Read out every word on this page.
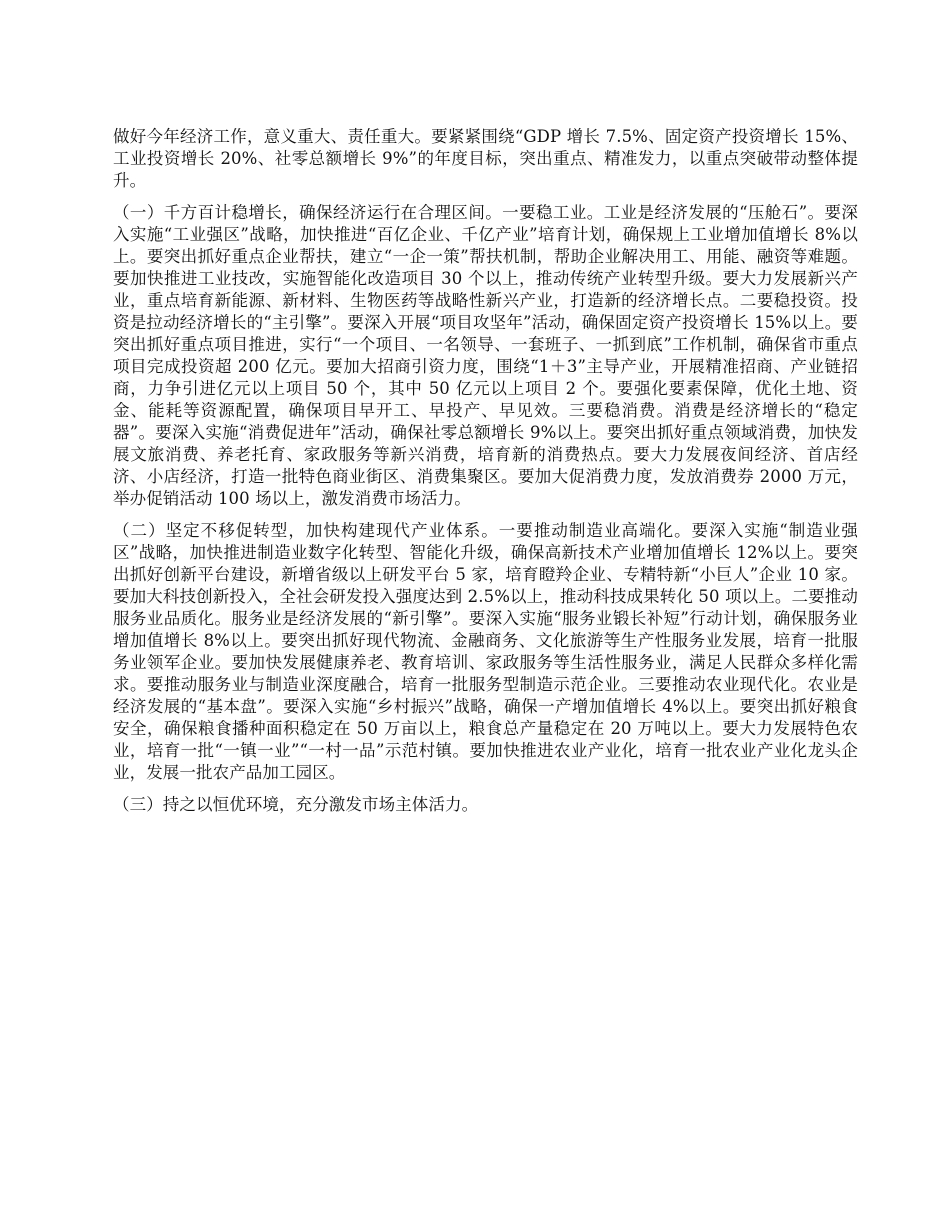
做好今年经济工作，意义重大、责任重大。要紧紧围绕“GDP 增长 7.5%、固定资产投资增长 15%、工业投资增长 20%、社零总额增长 9%”的年度目标，突出重点、精准发力，以重点突破带动整体提升。

（一）千方百计稳增长，确保经济运行在合理区间。一要稳工业。工业是经济发展的“压舱石”。要深入实施“工业强区”战略，加快推进“百亿企业、千亿产业”培育计划，确保规上工业增加值增长 8%以上。要突出抓好重点企业帮扶，建立“一企一策”帮扶机制，帮助企业解决用工、用能、融资等难题。要加快推进工业技改，实施智能化改造项目 30 个以上，推动传统产业转型升级。要大力发展新兴产业，重点培育新能源、新材料、生物医药等战略性新兴产业，打造新的经济增长点。二要稳投资。投资是拉动经济增长的“主引擎”。要深入开展“项目攻坚年”活动，确保固定资产投资增长 15%以上。要突出抓好重点项目推进，实行“一个项目、一名领导、一套班子、一抓到底”工作机制，确保省市重点项目完成投资超 200 亿元。要加大招商引资力度，围绕“1＋3”主导产业，开展精准招商、产业链招商，力争引进亿元以上项目 50 个，其中 50 亿元以上项目 2 个。要强化要素保障，优化土地、资金、能耗等资源配置，确保项目早开工、早投产、早见效。三要稳消费。消费是经济增长的“稳定器”。要深入实施“消费促进年”活动，确保社零总额增长 9%以上。要突出抓好重点领域消费，加快发展文旅消费、养老托育、家政服务等新兴消费，培育新的消费热点。要大力发展夜间经济、首店经济、小店经济，打造一批特色商业街区、消费集聚区。要加大促消费力度，发放消费券 2000 万元，举办促销活动 100 场以上，激发消费市场活力。

（二）坚定不移促转型，加快构建现代产业体系。一要推动制造业高端化。要深入实施“制造业强区”战略，加快推进制造业数字化转型、智能化升级，确保高新技术产业增加值增长 12%以上。要突出抓好创新平台建设，新增省级以上研发平台 5 家，培育瞪羚企业、专精特新“小巨人”企业 10 家。要加大科技创新投入，全社会研发投入强度达到 2.5%以上，推动科技成果转化 50 项以上。二要推动服务业品质化。服务业是经济发展的“新引擎”。要深入实施“服务业锻长补短”行动计划，确保服务业增加值增长 8%以上。要突出抓好现代物流、金融商务、文化旅游等生产性服务业发展，培育一批服务业领军企业。要加快发展健康养老、教育培训、家政服务等生活性服务业，满足人民群众多样化需求。要推动服务业与制造业深度融合，培育一批服务型制造示范企业。三要推动农业现代化。农业是经济发展的“基本盘”。要深入实施“乡村振兴”战略，确保一产增加值增长 4%以上。要突出抓好粮食安全，确保粮食播种面积稳定在 50 万亩以上，粮食总产量稳定在 20 万吨以上。要大力发展特色农业，培育一批“一镇一业”“一村一品”示范村镇。要加快推进农业产业化，培育一批农业产业化龙头企业，发展一批农产品加工园区。

（三）持之以恒优环境，充分激发市场主体活力。
